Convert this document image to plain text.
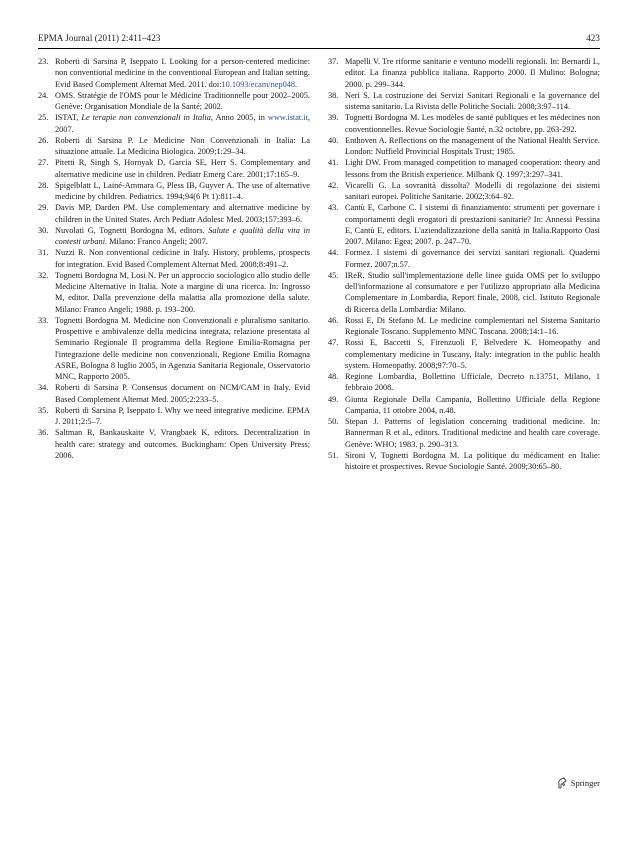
EPMA Journal (2011) 2:411–423	423
23. Roberti di Sarsina P, Iseppato I. Looking for a person-centered medicine: non conventional medicine in the conventional European and Italian setting. Evid Based Complement Alternat Med. 2011. doi:10.1093/ecam/nep048.
24. OMS. Stratégie de l'OMS pour le Médicine Traditionnelle pour 2002–2005. Genève: Organisation Mondiale de la Santé; 2002.
25. ISTAT, Le terapie non convenzionali in Italia, Anno 2005, in www.istat.it, 2007.
26. Roberti di Sarsina P. Le Medicine Non Convenzionali in Italia: La situazione attuale. La Medicina Biologica. 2009;1:29–34.
27. Pitetti R, Singh S, Hornyak D, Garcia SE, Herr S. Complementary and alternative medicine use in children. Pediatr Emerg Care. 2001;17:165–9.
28. Spigelblatt L, Lainé-Ammara G, Pless IB, Guyver A. The use of alternative medicine by children. Pediatrics. 1994;94(6 Pt 1):811–4.
29. Davis MP, Darden PM. Use complementary and alternative medicine by children in the United States. Arch Pediatr Adolesc Med. 2003;157:393–6.
30. Nuvolati G, Tognetti Bordogna M, editors. Salute e qualità della vita in contesti urbani. Milano: Franco Angeli; 2007.
31. Nuzzi R. Non conventional cedicine in Italy. History, problems, prospects for integration. Evid Based Complement Alternat Med. 2008;8:491–2.
32. Tognetti Bordogna M, Losi N. Per un approccio sociologico allo studio delle Medicine Alternative in Italia. Note a margine di una ricerca. In: Ingrosso M, editor. Dalla prevenzione della malattia alla promozione della salute. Milano: Franco Angeli; 1988. p. 193–200.
33. Tognetti Bordogna M. Medicine non Convenzionali e pluralismo sanitario. Prospettive e ambivalenze della medicina integrata, relazione presentata al Seminario Regionale Il programma della Regione Emilia-Romagna per l'integrazione delle medicine non convenzionali, Regione Emilia Romagna ASRE, Bologna 8 luglio 2005, in Agenzia Sanitaria Regionale, Osservatorio MNC, Rapporto 2005.
34. Roberti di Sarsina P. Consensus document on NCM/CAM in Italy. Evid Based Complement Alternat Med. 2005;2:233–5.
35. Roberti di Sarsina P, Iseppato I. Why we need integrative medicine. EPMA J. 2011;2:5–7.
36. Saltman R, Bankauskaite V, Vrangbaek K, editors. Decentralization in health care: strategy and outcomes. Buckingham: Open University Press; 2006.
37. Mapelli V. Tre riforme sanitarie e ventuno modelli regionali. In: Bernardi L, editor. La finanza pubblica italiana. Rapporto 2000. Il Mulino: Bologna; 2000. p. 299–344.
38. Neri S. La costruzione dei Servizi Sanitari Regionali e la governance del sistema sanitario. La Rivista delle Politiche Sociali. 2008;3:97–114.
39. Tognetti Bordogna M. Les modèles de santé publiques et les médecines non conventionnelles. Revue Sociologie Santé, n.32 octobre, pp. 263-292.
40. Enthoven A. Reflections on the management of the National Health Service. London: Nuffield Provincial Hospitals Trust; 1985.
41. Light DW. From managed competition to managed cooperation: theory and lessons from the British experience. Milbank Q. 1997;3:297–341.
42. Vicarelli G. La sovranità dissolta? Modelli di regolazione dei sistemi sanitari europei. Politiche Sanitarie. 2002;3:64–92.
43. Cantù E, Carbone C. I sistemi di finanziamento: strumenti per governare i comportamenti degli erogatori di prestazioni sanitarie? In: Annessi Pessina E, Cantù E, editors. L'aziendalizzazione della sanità in Italia.Rapporto Oasi 2007. Milano: Egea; 2007. p. 247–70.
44. Formez. I sistemi di governance dei servizi sanitari regionali. Quaderni Formez. 2007;n.57.
45. IReR. Studio sull'implementazione delle linee guida OMS per lo sviluppo dell'informazione al consumatore e per l'utilizzo appropriato alla Medicina Complementare in Lombardia, Report finale, 2008, cicl. Istituto Regionale di Ricerca della Lombardia: Milano.
46. Rossi E, Di Stefano M. Le medicine complementari nel Sistema Sanitario Regionale Toscano. Supplemento MNC Toscana. 2008;14:1–16.
47. Rossi E, Baccetti S, Firenzuoli F, Belvedere K. Homeopathy and complementary medicine in Tuscany, Italy: integration in the public health system. Homeopathy. 2008;97:70–5.
48. Regione Lombardia, Bollettino Ufficiale, Decreto n.13751, Milano, 1 febbraio 2008.
49. Giunta Regionale Della Campania, Bollettino Ufficiale della Regione Campania, 11 ottobre 2004, n.48.
50. Stepan J. Patterns of legislation concerning traditional medicine. In: Bannerman R et al., editors. Traditional medicine and health care coverage. Genève: WHO; 1983. p. 290–313.
51. Sironi V, Tognetti Bordogna M. La politique du médicament en Italie: histoire et prospectives. Revue Sociologie Santé. 2009;30:65–80.
Springer
